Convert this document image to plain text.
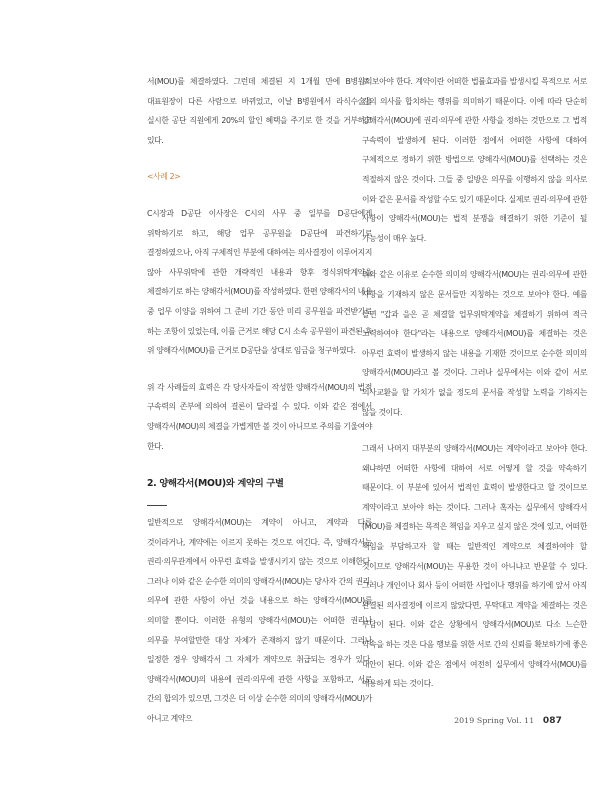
서(MOU)를 체결하였다. 그런데 체결된 지 1개월 만에 B병원의 대표원장이 다른 사람으로 바뀌었고, 이날 B병원에서 라식수술을 실시한 공단 직원에게 20%의 할인 혜택을 주기로 한 것을 거부하고 있다.

<사례 2>

C시장과 D공단 이사장은 C시의 사무 중 일부를 D공단에게 위탁하기로 하고, 해당 업무 공무원을 D공단에 파견하기로 결정하였으나, 아직 구체적인 부분에 대하여는 의사결정이 이루어지지 않아 사무위탁에 관한 개략적인 내용과 향후 정식위탁계약을 체결하기로 하는 양해각서(MOU)를 작성하였다. 한편 양해각서의 내용 중 업무 이양을 위하여 그 준비 기간 동안 미리 공무원을 파견받기로 하는 조항이 있었는데, 이를 근거로 해당 C시 소속 공무원이 파견된 후 위 양해각서(MOU)를 근거로 D공단을 상대로 임금을 청구하였다.

위 각 사례들의 효력은 각 당사자들이 작성한 양해각서(MOU)의 법적 구속력의 존부에 의하여 결론이 달라질 수 있다. 이와 같은 점에서 양해각서(MOU)의 체결을 가볍게만 볼 것이 아니므로 주의를 기울여야 한다.

2. 양해각서(MOU)와 계약의 구별

일반적으로 양해각서(MOU)는 계약이 아니고, 계약과 다른 것이라거나, 계약에는 이르지 못하는 것으로 여긴다. 즉, 양해각서는 권리·의무관계에서 아무런 효력을 발생시키지 않는 것으로 이해한다. 그러나 이와 같은 순수한 의미의 양해각서(MOU)는 당사자 간의 권리·의무에 관한 사항이 아닌 것을 내용으로 하는 양해각서(MOU)를 의미할 뿐이다. 이러한 유형의 양해각서(MOU)는 어떠한 권리나 의무를 부여할만한 대상 자체가 존재하지 않기 때문이다. 그러나 일정한 경우 양해각서 그 자체가 계약으로 취급되는 경우가 있다. 양해각서(MOU)의 내용에 권리·의무에 관한 사항을 포함하고, 서로 간의 합의가 있으면, 그것은 더 이상 순수한 의미의 양해각서(MOU)가 아니고 계약으

로 보아야 한다. 계약이란 어떠한 법률효과를 발생시킬 목적으로 서로 간의 의사를 합치하는 행위를 의미하기 때문이다. 이에 따라 단순히 양해각서(MOU)에 권리·의무에 관한 사항을 정하는 것만으로 그 법적 구속력이 발생하게 된다. 이러한 점에서 어떠한 사항에 대하여 구체적으로 정하기 위한 방법으로 양해각서(MOU)를 선택하는 것은 적절하지 않은 것이다. 그들 중 일방은 의무를 이행하지 않을 의사로 이와 같은 문서를 작성할 수도 있기 때문이다. 실제로 권리·의무에 관한 사항이 양해각서(MOU)는 법적 분쟁을 해결하기 위한 기준이 될 가능성이 매우 높다.

위와 같은 이유로 순수한 의미의 양해각서(MOU)는 권리·의무에 관한 사항을 기재하지 않은 문서들만 지칭하는 것으로 보아야 한다. 예를 들면 "갑과 을은 곧 체결할 업무위탁계약을 체결하기 위하여 적극 노력하여야 한다"라는 내용으로 양해각서(MOU)를 체결하는 것은 아무런 효력이 발생하지 않는 내용을 기재한 것이므로 순수한 의미의 양해각서(MOU)라고 볼 것이다. 그러나 실무에서는 이와 같이 서로 의사교환을 할 가치가 없을 정도의 문서를 작성할 노력을 기하지는 않을 것이다.

그래서 나머지 대부분의 양해각서(MOU)는 계약이라고 보아야 한다. 왜냐하면 어떠한 사항에 대하여 서로 어떻게 할 것을 약속하기 때문이다. 이 부분에 있어서 법적인 효력이 발생한다고 할 것이므로 계약이라고 보아야 하는 것이다. 그러나 혹자는 실무에서 양해각서(MOU)를 체결하는 목적은 책임을 지우고 싶지 않은 것에 있고, 어떠한 책임을 부담하고자 할 때는 일반적인 계약으로 체결하여야 할 것이므로 양해각서(MOU)는 무용한 것이 아니냐고 반문할 수 있다. 그러나 개인이나 회사 등이 어떠한 사업이나 행위를 하기에 앞서 아직 완결된 의사결정에 이르지 않았다면, 무탁대고 계약을 체결하는 것은 부담이 된다. 이와 같은 상황에서 양해각서(MOU)로 다소 느슨한 약속을 하는 것은 다음 행보를 위한 서로 간의 신뢰를 확보하기에 좋은 대안이 된다. 이와 같은 점에서 여전히 실무에서 양해각서(MOU)를 애용하게 되는 것이다.

2019 Spring Vol. 11 087
